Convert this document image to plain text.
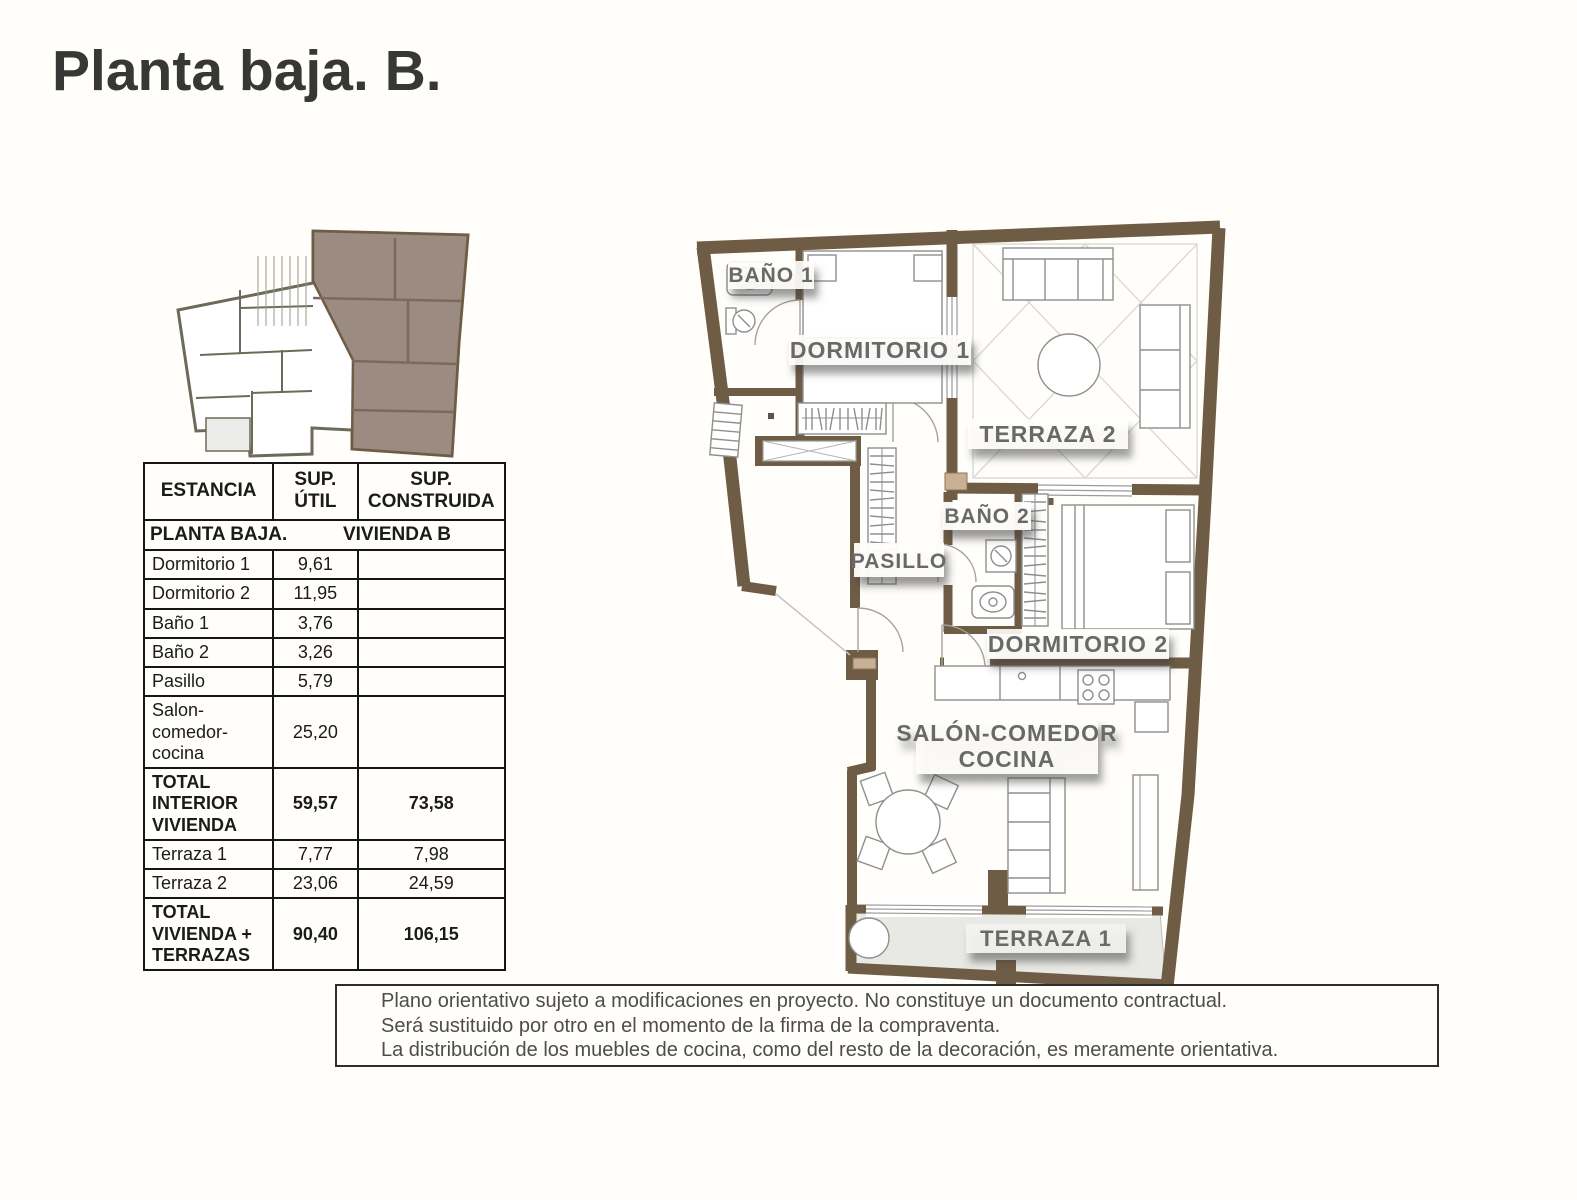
Planta baja. B.
ESTANCIA	SUP. ÚTIL	SUP. CONSTRUIDA

PLANTA BAJA. VIVIENDA B		

Dormitorio 1	9,61	
Dormitorio 2	11,95	
Baño 1	3,76	
Baño 2	3,26	
Pasillo	5,79	
Salon-comedor-cocina	25,20	
TOTAL INTERIOR VIVIENDA	59,57	73,58
Terraza 1	7,77	7,98
Terraza 2	23,06	24,59
TOTAL VIVIENDA + TERRAZAS	90,40	106,15
BAÑO 1
DORMITORIO 1
TERRAZA 2
BAÑO 2
PASILLO
DORMITORIO 2
SALÓN-COMEDOR
COCINA
TERRAZA 1
Plano orientativo sujeto a modificaciones en proyecto. No constituye un documento contractual.
Será sustituido por otro en el momento de la firma de la compraventa.
La distribución de los muebles de cocina, como del resto de la decoración, es meramente orientativa.
